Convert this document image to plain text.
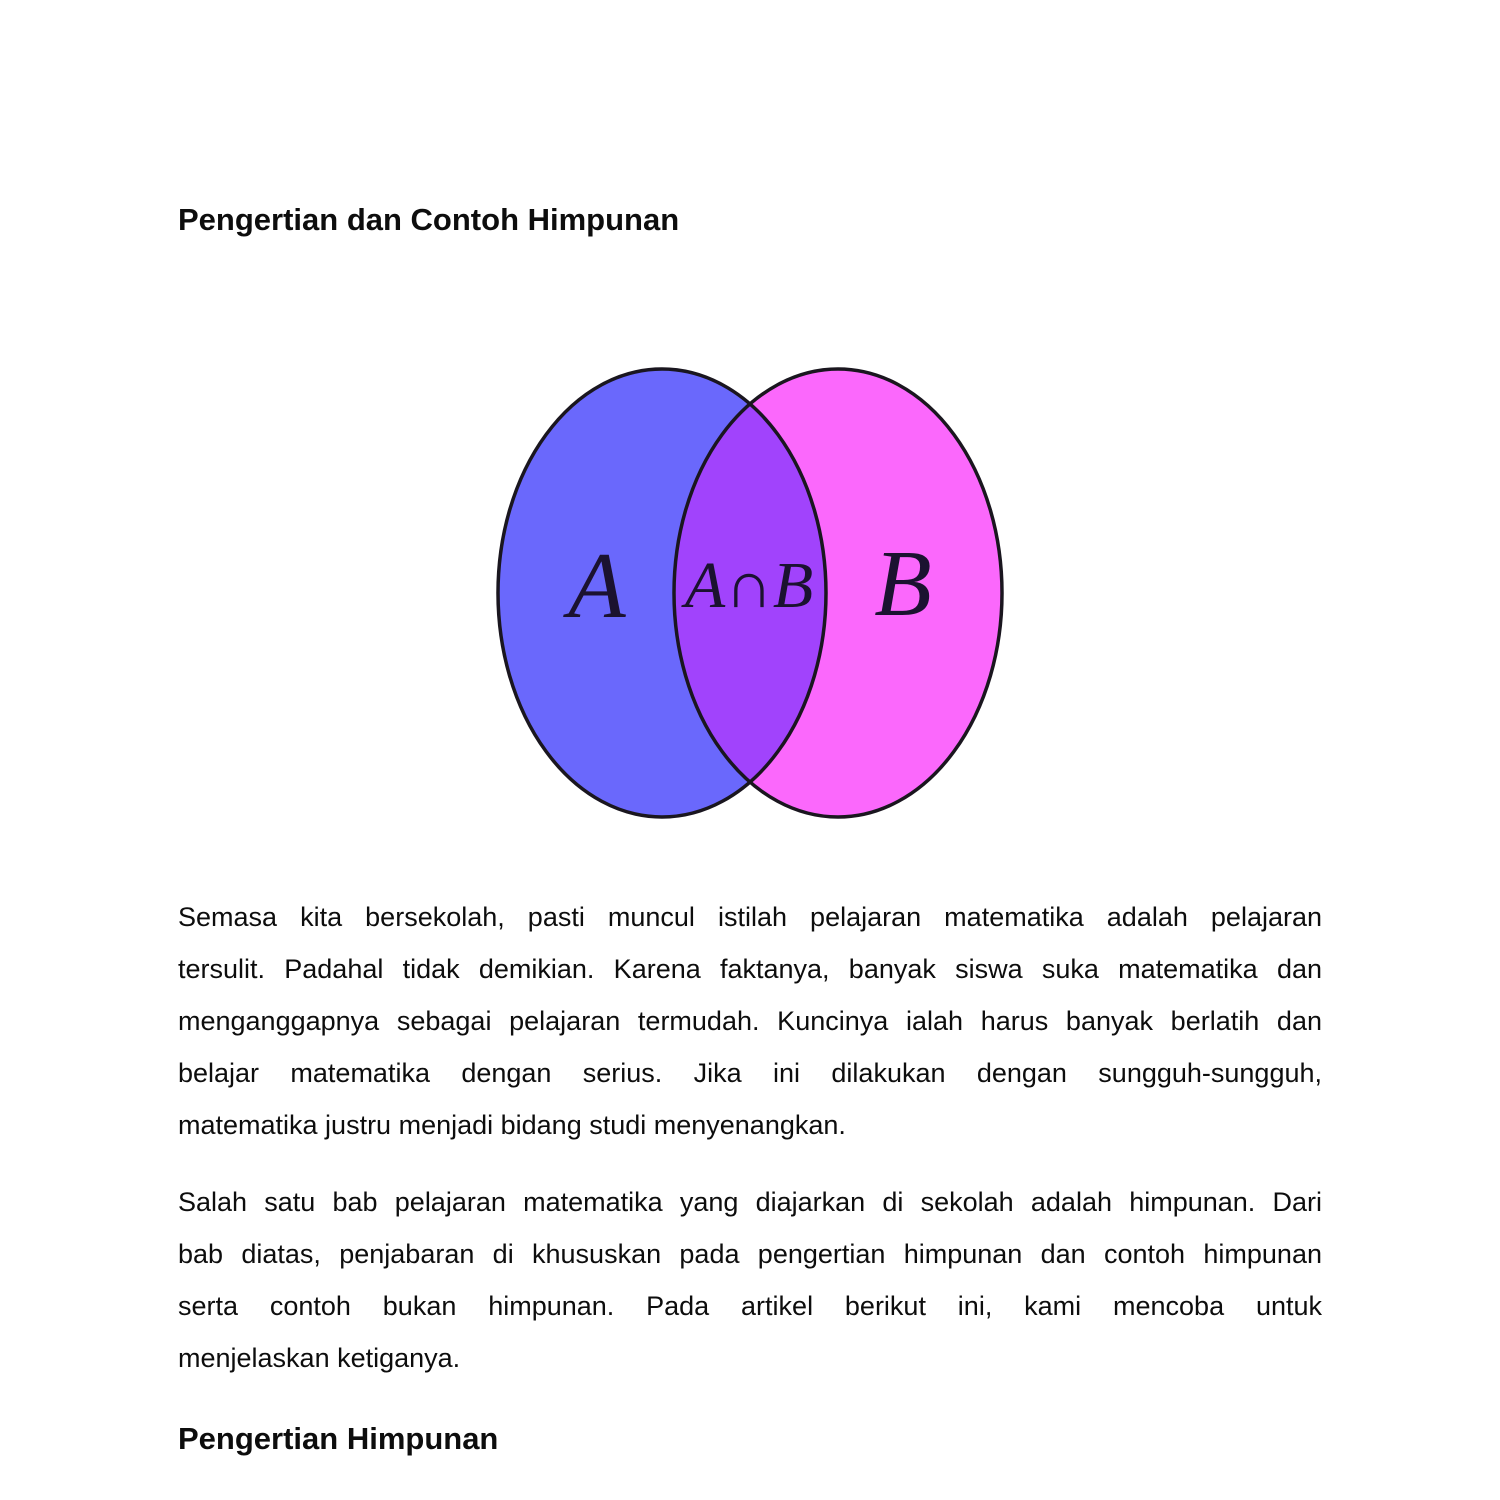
Pengertian dan Contoh Himpunan
A A∩B B

Semasa kita bersekolah, pasti muncul istilah pelajaran matematika adalah pelajaran
tersulit. Padahal tidak demikian. Karena faktanya, banyak siswa suka matematika dan
menganggapnya sebagai pelajaran termudah. Kuncinya ialah harus banyak berlatih dan
belajar matematika dengan serius. Jika ini dilakukan dengan sungguh-sungguh,
matematika justru menjadi bidang studi menyenangkan.

Salah satu bab pelajaran matematika yang diajarkan di sekolah adalah himpunan. Dari
bab diatas, penjabaran di khususkan pada pengertian himpunan dan contoh himpunan
serta contoh bukan himpunan. Pada artikel berikut ini, kami mencoba untuk
menjelaskan ketiganya.

Pengertian Himpunan
